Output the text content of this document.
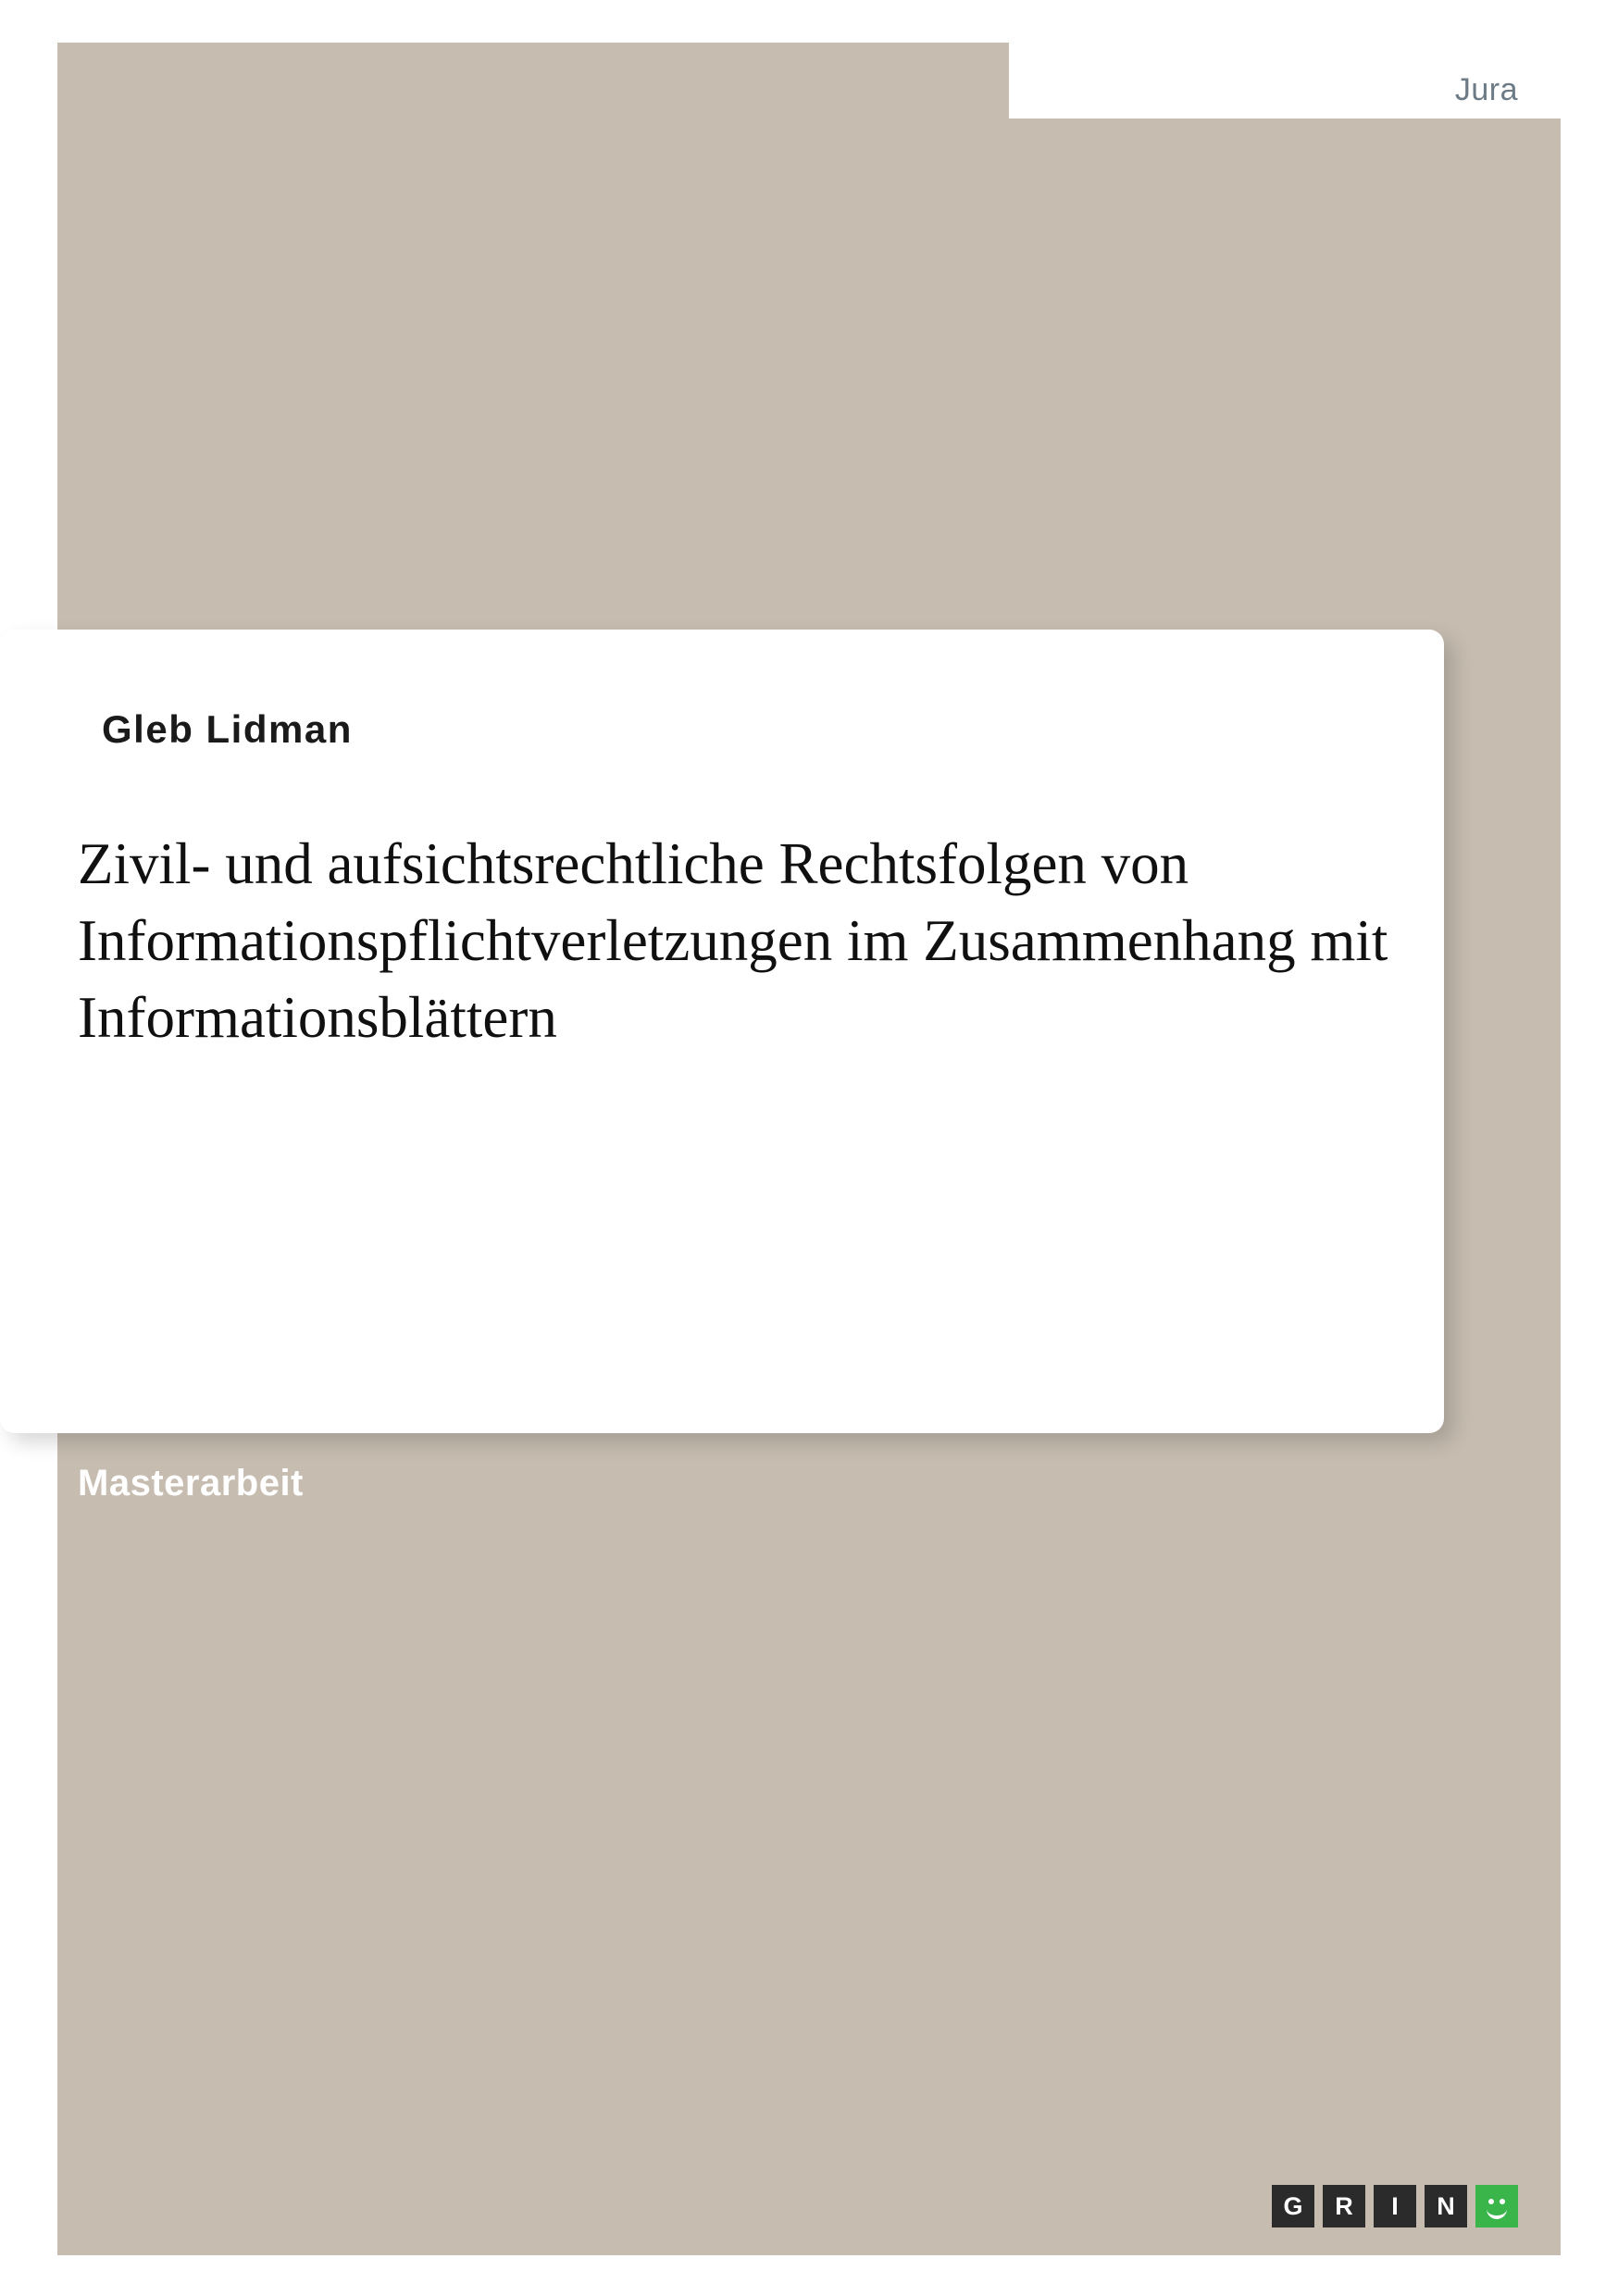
Jura
Gleb Lidman
Zivil- und aufsichtsrechtliche Rechtsfolgen von Informationspflichtverletzungen im Zusammenhang mit Informationsblättern
Masterarbeit
G	R	I	N
